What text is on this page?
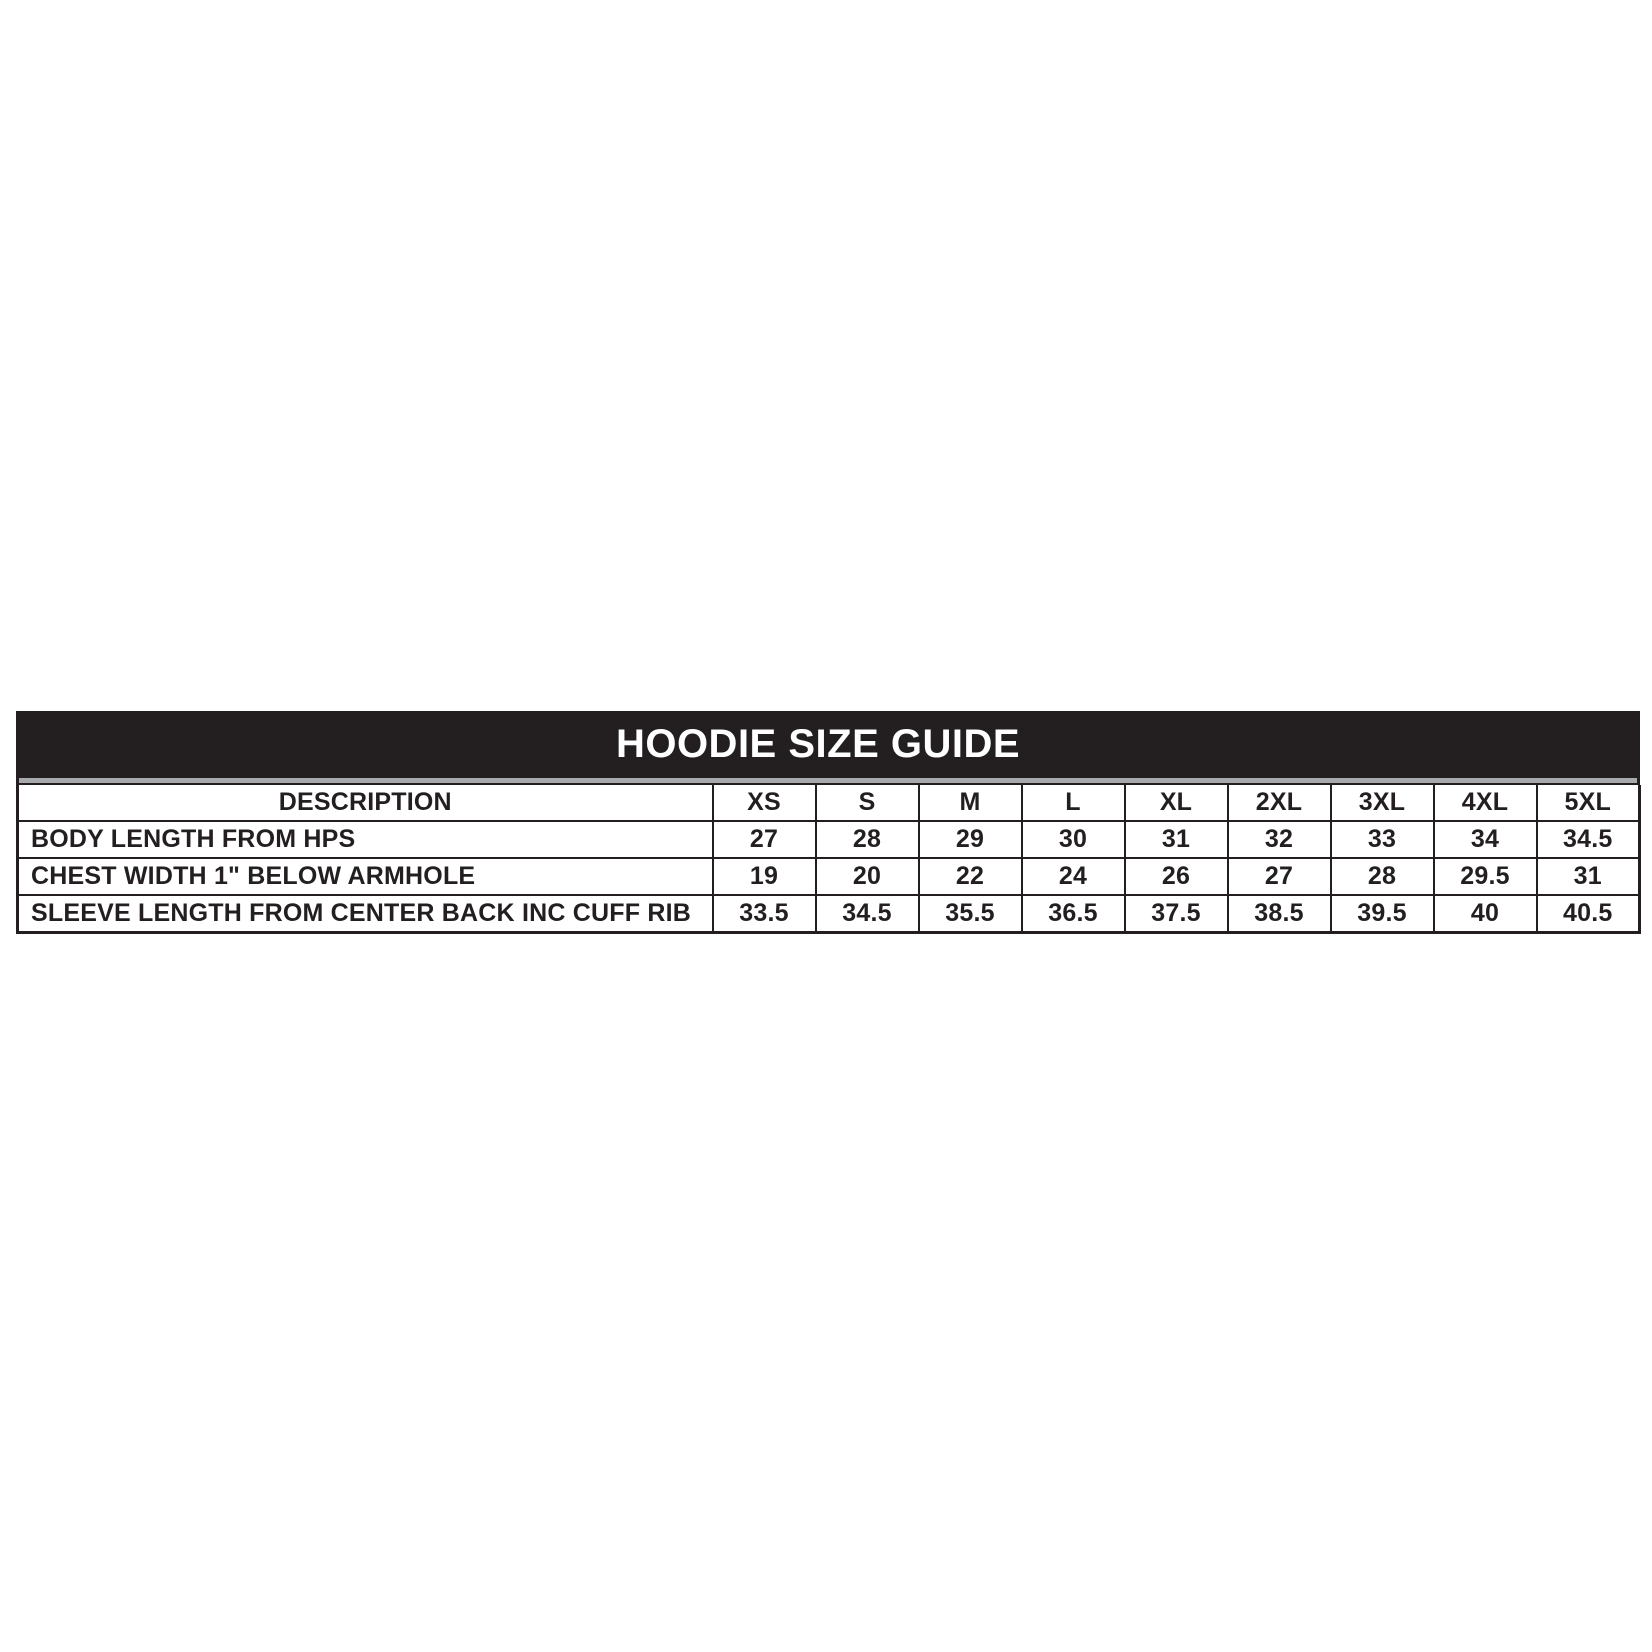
HOODIE SIZE GUIDE
DESCRIPTION	XS	S	M	L	XL	2XL	3XL	4XL	5XL
BODY LENGTH FROM HPS	27	28	29	30	31	32	33	34	34.5
CHEST WIDTH 1" BELOW ARMHOLE	19	20	22	24	26	27	28	29.5	31
SLEEVE LENGTH FROM CENTER BACK INC CUFF RIB	33.5	34.5	35.5	36.5	37.5	38.5	39.5	40	40.5
